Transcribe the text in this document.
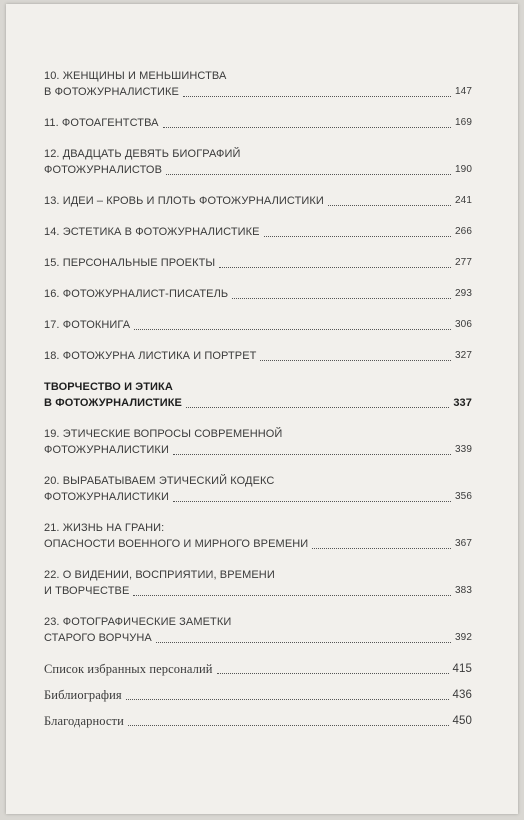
10. ЖЕНЩИНЫ И МЕНЬШИНСТВА
В ФОТОЖУРНАЛИСТИКЕ	147
11. ФОТОАГЕНТСТВА	169
12. ДВАДЦАТЬ ДЕВЯТЬ БИОГРАФИЙ
ФОТОЖУРНАЛИСТОВ	190
13. ИДЕИ – КРОВЬ И ПЛОТЬ ФОТОЖУРНАЛИСТИКИ	241
14. ЭСТЕТИКА В ФОТОЖУРНАЛИСТИКЕ	266
15. ПЕРСОНАЛЬНЫЕ ПРОЕКТЫ	277
16. ФОТОЖУРНАЛИСТ-ПИСАТЕЛЬ	293
17. ФОТОКНИГА	306
18. ФОТОЖУРНА ЛИСТИКА И ПОРТРЕТ	327
ТВОРЧЕСТВО И ЭТИКА
В ФОТОЖУРНАЛИСТИКЕ	337
19. ЭТИЧЕСКИЕ ВОПРОСЫ СОВРЕМЕННОЙ
ФОТОЖУРНАЛИСТИКИ	339
20. ВЫРАБАТЫВАЕМ ЭТИЧЕСКИЙ КОДЕКС
ФОТОЖУРНАЛИСТИКИ	356
21. ЖИЗНЬ НА ГРАНИ:
ОПАСНОСТИ ВОЕННОГО И МИРНОГО ВРЕМЕНИ	367
22. О ВИДЕНИИ, ВОСПРИЯТИИ, ВРЕМЕНИ
И ТВОРЧЕСТВЕ	383
23. ФОТОГРАФИЧЕСКИЕ ЗАМЕТКИ
СТАРОГО ВОРЧУНА	392
Список избранных персоналий	415
Библиография	436
Благодарности	450
